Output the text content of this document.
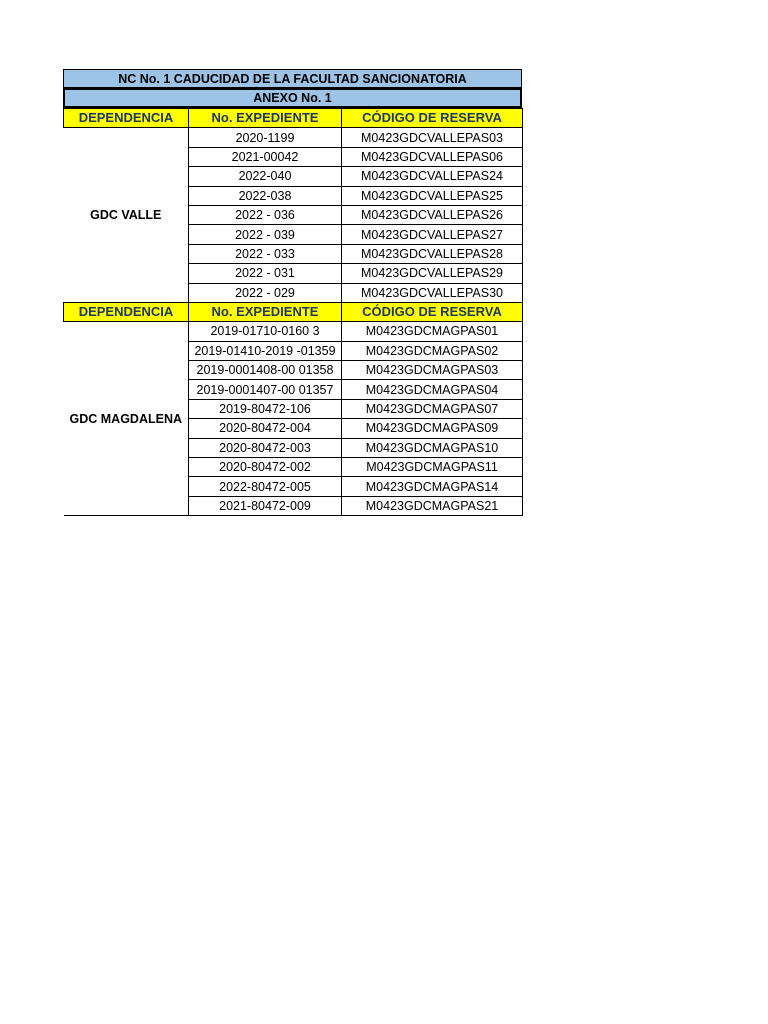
NC No. 1 CADUCIDAD DE LA FACULTAD SANCIONATORIA
ANEXO No. 1
DEPENDENCIA	No. EXPEDIENTE	CÓDIGO DE RESERVA
GDC VALLE	2020-1199	M0423GDCVALLEPAS03
	2021-00042	M0423GDCVALLEPAS06
	2022-040	M0423GDCVALLEPAS24
	2022-038	M0423GDCVALLEPAS25
	2022 - 036	M0423GDCVALLEPAS26
	2022 - 039	M0423GDCVALLEPAS27
	2022 - 033	M0423GDCVALLEPAS28
	2022 - 031	M0423GDCVALLEPAS29
	2022 - 029	M0423GDCVALLEPAS30
DEPENDENCIA	No. EXPEDIENTE	CÓDIGO DE RESERVA
GDC MAGDALENA	2019-01710-0160 3	M0423GDCMAGPAS01
	2019-01410-2019 -01359	M0423GDCMAGPAS02
	2019-0001408-00 01358	M0423GDCMAGPAS03
	2019-0001407-00 01357	M0423GDCMAGPAS04
	2019-80472-106	M0423GDCMAGPAS07
	2020-80472-004	M0423GDCMAGPAS09
	2020-80472-003	M0423GDCMAGPAS10
	2020-80472-002	M0423GDCMAGPAS11
	2022-80472-005	M0423GDCMAGPAS14
	2021-80472-009	M0423GDCMAGPAS21
